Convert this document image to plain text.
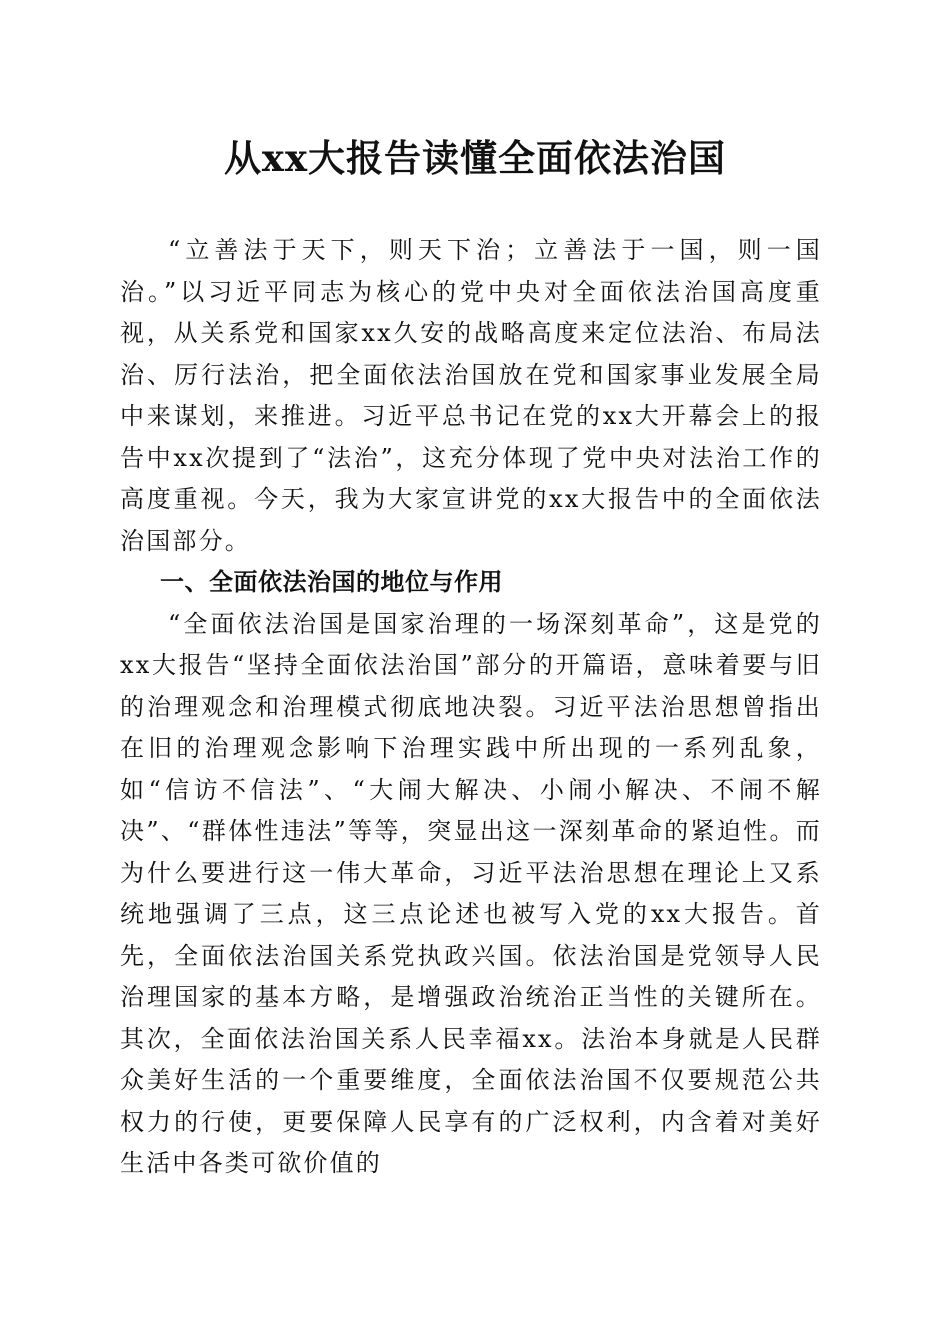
从xx大报告读懂全面依法治国

“立善法于天下，则天下治；立善法于一国，则一国治。”以习近平同志为核心的党中央对全面依法治国高度重视，从关系党和国家xx久安的战略高度来定位法治、布局法治、厉行法治，把全面依法治国放在党和国家事业发展全局中来谋划，来推进。习近平总书记在党的xx大开幕会上的报告中xx次提到了“法治”，这充分体现了党中央对法治工作的高度重视。今天，我为大家宣讲党的xx大报告中的全面依法治国部分。

一、全面依法治国的地位与作用

“全面依法治国是国家治理的一场深刻革命”，这是党的xx大报告“坚持全面依法治国”部分的开篇语，意味着要与旧的治理观念和治理模式彻底地决裂。习近平法治思想曾指出在旧的治理观念影响下治理实践中所出现的一系列乱象，如“信访不信法”、“大闹大解决、小闹小解决、不闹不解决”、“群体性违法”等等，突显出这一深刻革命的紧迫性。而为什么要进行这一伟大革命，习近平法治思想在理论上又系统地强调了三点，这三点论述也被写入党的xx大报告。首先，全面依法治国关系党执政兴国。依法治国是党领导人民治理国家的基本方略，是增强政治统治正当性的关键所在。其次，全面依法治国关系人民幸福xx。法治本身就是人民群众美好生活的一个重要维度，全面依法治国不仅要规范公共权力的行使，更要保障人民享有的广泛权利，内含着对美好生活中各类可欲价值的
